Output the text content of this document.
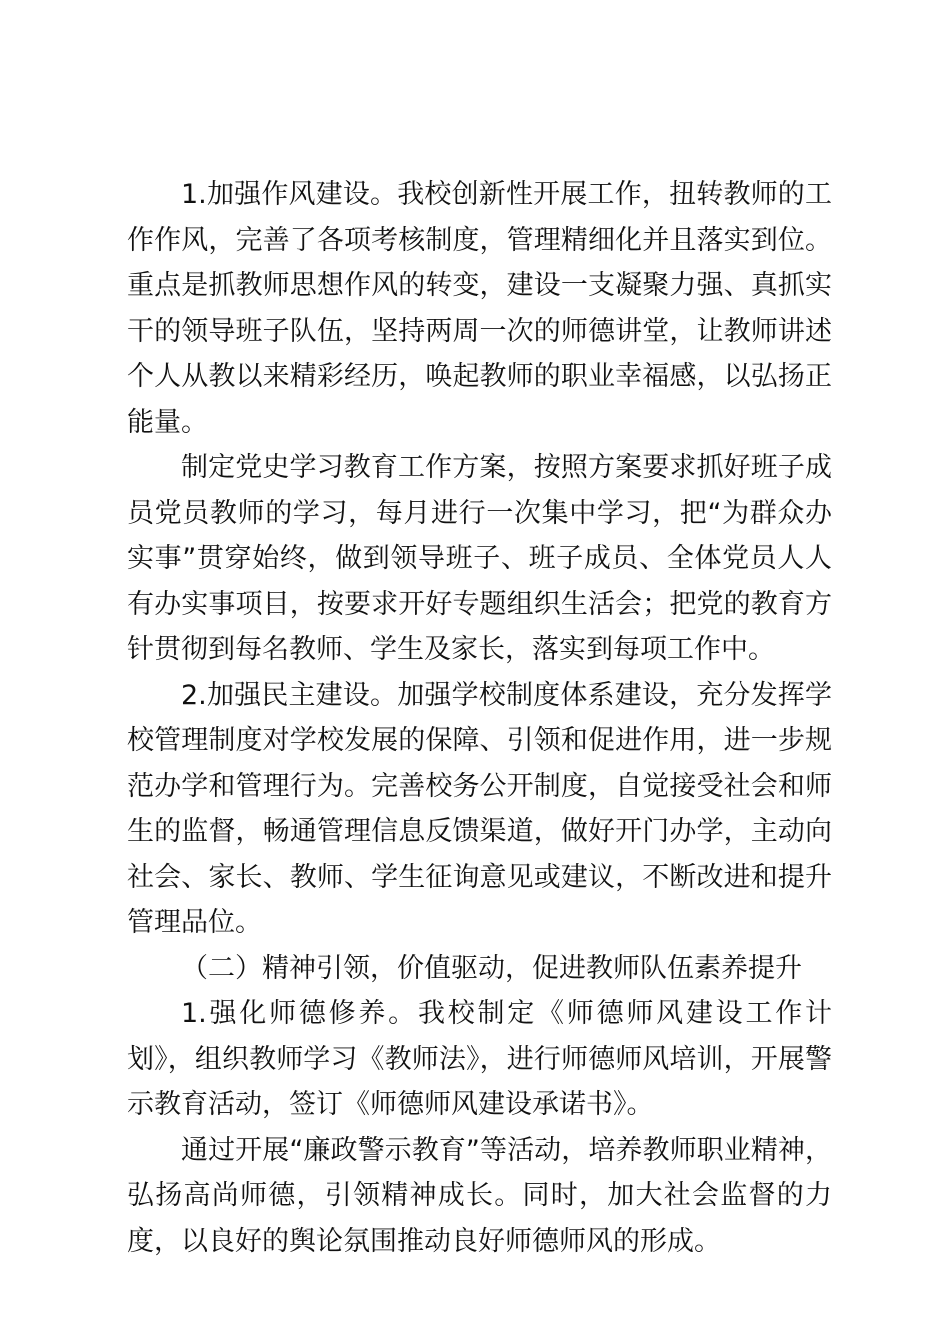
1.加强作风建设。我校创新性开展工作，扭转教师的工作作风，完善了各项考核制度，管理精细化并且落实到位。重点是抓教师思想作风的转变，建设一支凝聚力强、真抓实干的领导班子队伍，坚持两周一次的师德讲堂，让教师讲述个人从教以来精彩经历，唤起教师的职业幸福感，以弘扬正能量。

制定党史学习教育工作方案，按照方案要求抓好班子成员党员教师的学习，每月进行一次集中学习，把“为群众办实事”贯穿始终，做到领导班子、班子成员、全体党员人人有办实事项目，按要求开好专题组织生活会；把党的教育方针贯彻到每名教师、学生及家长，落实到每项工作中。

2.加强民主建设。加强学校制度体系建设，充分发挥学校管理制度对学校发展的保障、引领和促进作用，进一步规范办学和管理行为。完善校务公开制度，自觉接受社会和师生的监督，畅通管理信息反馈渠道，做好开门办学，主动向社会、家长、教师、学生征询意见或建议，不断改进和提升管理品位。

（二）精神引领，价值驱动，促进教师队伍素养提升

1.强化师德修养。我校制定《师德师风建设工作计划》，组织教师学习《教师法》，进行师德师风培训，开展警示教育活动，签订《师德师风建设承诺书》。

通过开展“廉政警示教育”等活动，培养教师职业精神，弘扬高尚师德，引领精神成长。同时，加大社会监督的力度，以良好的舆论氛围推动良好师德师风的形成。
